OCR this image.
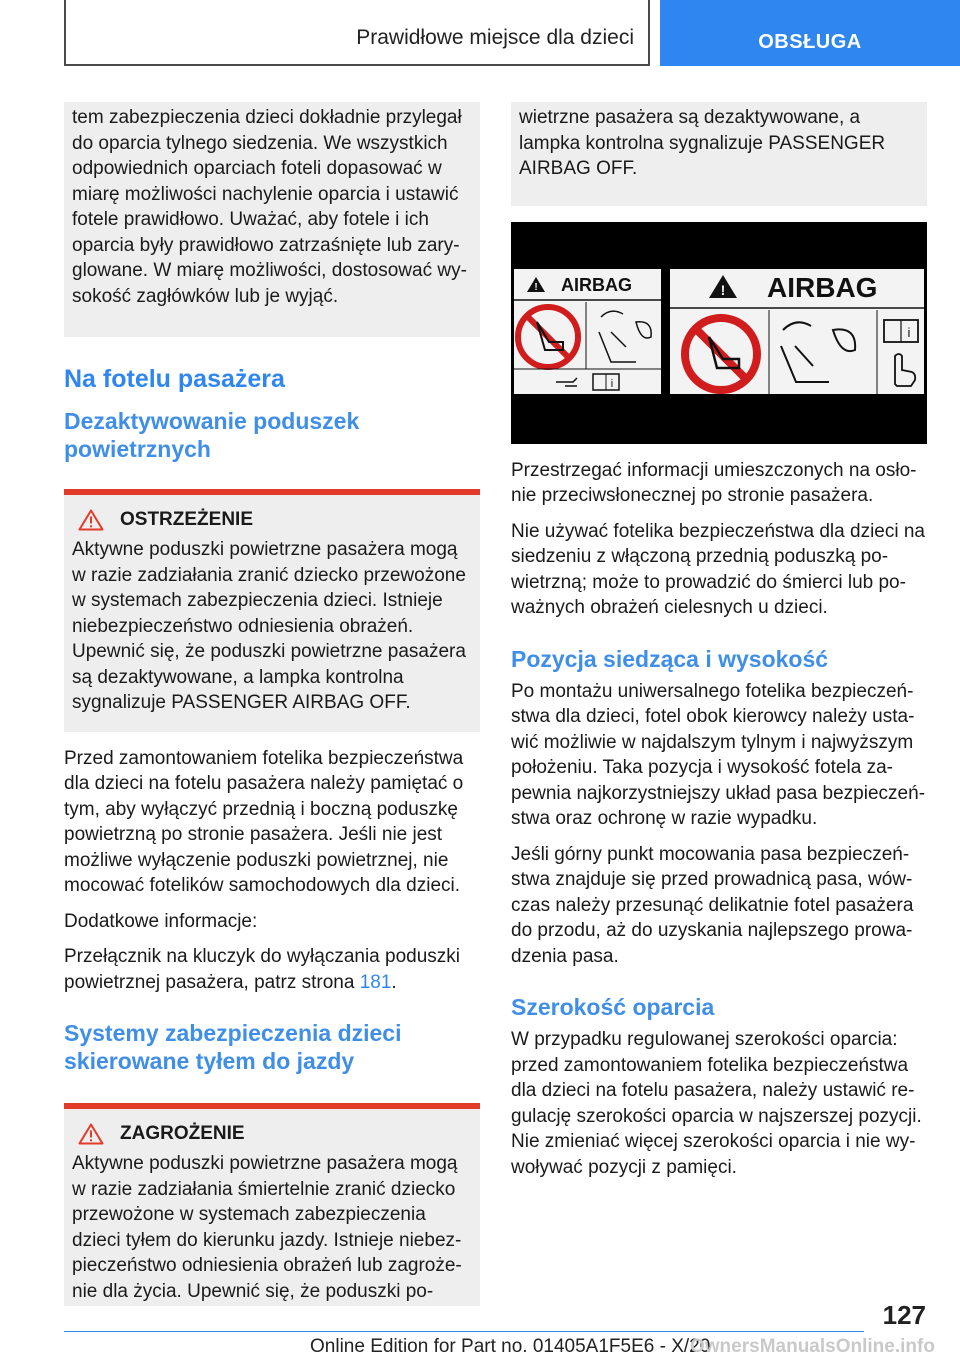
Prawidłowe miejsce dla dzieci	OBSŁUGA
tem zabezpieczenia dzieci dokładnie przylegał do oparcia tylnego siedzenia. We wszystkich odpowiednich oparciach foteli dopasować w miarę możliwości nachylenie oparcia i ustawić fotele prawidłowo. Uważać, aby fotele i ich oparcia były prawidłowo zatrzaśnięte lub zaryglowane. W miarę możliwości, dostosować wysokość zagłówków lub je wyjąć.
Na fotelu pasażera
Dezaktywowanie poduszek powietrznych
OSTRZEŻENIE
Aktywne poduszki powietrzne pasażera mogą w razie zadziałania zranić dziecko przewożone w systemach zabezpieczenia dzieci. Istnieje niebezpieczeństwo odniesienia obrażeń. Upewnić się, że poduszki powietrzne pasażera są dezaktywowane, a lampka kontrolna sygnalizuje PASSENGER AIRBAG OFF.

Przed zamontowaniem fotelika bezpieczeństwa dla dzieci na fotelu pasażera należy pamiętać o tym, aby wyłączyć przednią i boczną poduszkę powietrzną po stronie pasażera. Jeśli nie jest możliwe wyłączenie poduszki powietrznej, nie mocować fotelików samochodowych dla dzieci.

Dodatkowe informacje:

Przełącznik na kluczyk do wyłączania poduszki powietrznej pasażera, patrz strona 181.

Systemy zabezpieczenia dzieci skierowane tyłem do jazdy
ZAGROŻENIE
Aktywne poduszki powietrzne pasażera mogą w razie zadziałania śmiertelnie zranić dziecko przewożone w systemach zabezpieczenia dzieci tyłem do kierunku jazdy. Istnieje niebezpieczeństwo odniesienia obrażeń lub zagrożenie dla życia. Upewnić się, że poduszki po-
wietrzne pasażera są dezaktywowane, a lampka kontrolna sygnalizuje PASSENGER AIRBAG OFF.
! AIRBAG
i
! AIRBAG
i

Przestrzegać informacji umieszczonych na osłonie przeciwsłonecznej po stronie pasażera.

Nie używać fotelika bezpieczeństwa dla dzieci na siedzeniu z włączoną przednią poduszką powietrzną; może to prowadzić do śmierci lub poważnych obrażeń cielesnych u dzieci.

Pozycja siedząca i wysokość

Po montażu uniwersalnego fotelika bezpieczeństwa dla dzieci, fotel obok kierowcy należy ustawić możliwie w najdalszym tylnym i najwyższym położeniu. Taka pozycja i wysokość fotela zapewnia najkorzystniejszy układ pasa bezpieczeństwa oraz ochronę w razie wypadku.

Jeśli górny punkt mocowania pasa bezpieczeństwa znajduje się przed prowadnicą pasa, wówczas należy przesunąć delikatnie fotel pasażera do przodu, aż do uzyskania najlepszego prowadzenia pasa.

Szerokość oparcia

W przypadku regulowanej szerokości oparcia: przed zamontowaniem fotelika bezpieczeństwa dla dzieci na fotelu pasażera, należy ustawić regulację szerokości oparcia w najszerszej pozycji. Nie zmieniać więcej szerokości oparcia i nie wywoływać pozycji z pamięci.

127
Online Edition for Part no. 01405A1F5E6 - X/20
OwnersManualsOnline.info
